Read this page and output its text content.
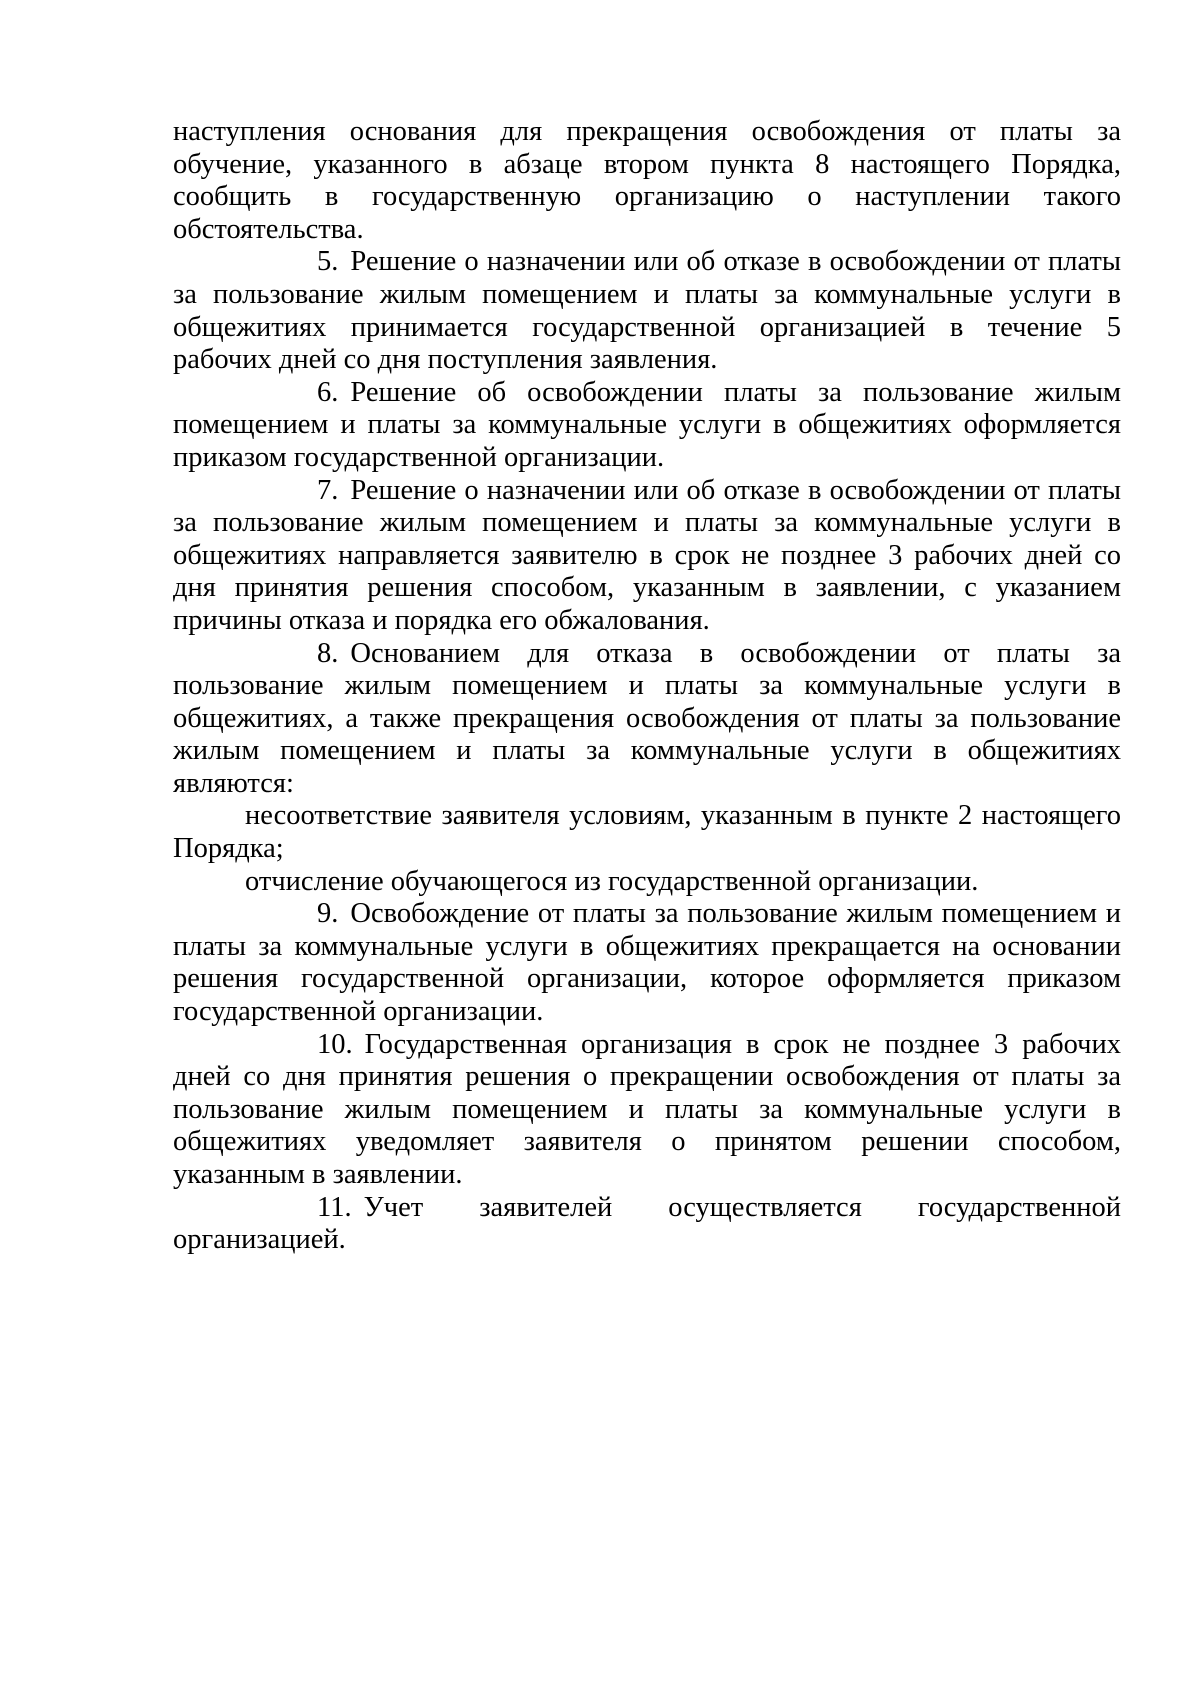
наступления основания для прекращения освобождения от платы за обучение, указанного в абзаце втором пункта 8 настоящего Порядка, сообщить в государственную организацию о наступлении такого обстоятельства.

5. Решение о назначении или об отказе в освобождении от платы за пользование жилым помещением и платы за коммунальные услуги в общежитиях принимается государственной организацией в течение 5 рабочих дней со дня поступления заявления.

6. Решение об освобождении платы за пользование жилым помещением и платы за коммунальные услуги в общежитиях оформляется приказом государственной организации.

7. Решение о назначении или об отказе в освобождении от платы за пользование жилым помещением и платы за коммунальные услуги в общежитиях направляется заявителю в срок не позднее 3 рабочих дней со дня принятия решения способом, указанным в заявлении, с указанием причины отказа и порядка его обжалования.

8. Основанием для отказа в освобождении от платы за пользование жилым помещением и платы за коммунальные услуги в общежитиях, а также прекращения освобождения от платы за пользование жилым помещением и платы за коммунальные услуги в общежитиях являются:

несоответствие заявителя условиям, указанным в пункте 2 настоящего Порядка;

отчисление обучающегося из государственной организации.

9. Освобождение от платы за пользование жилым помещением и платы за коммунальные услуги в общежитиях прекращается на основании решения государственной организации, которое оформляется приказом государственной организации.

10. Государственная организация в срок не позднее 3 рабочих дней со дня принятия решения о прекращении освобождения от платы за пользование жилым помещением и платы за коммунальные услуги в общежитиях уведомляет заявителя о принятом решении способом, указанным в заявлении.

11. Учет заявителей осуществляется государственной организацией.
